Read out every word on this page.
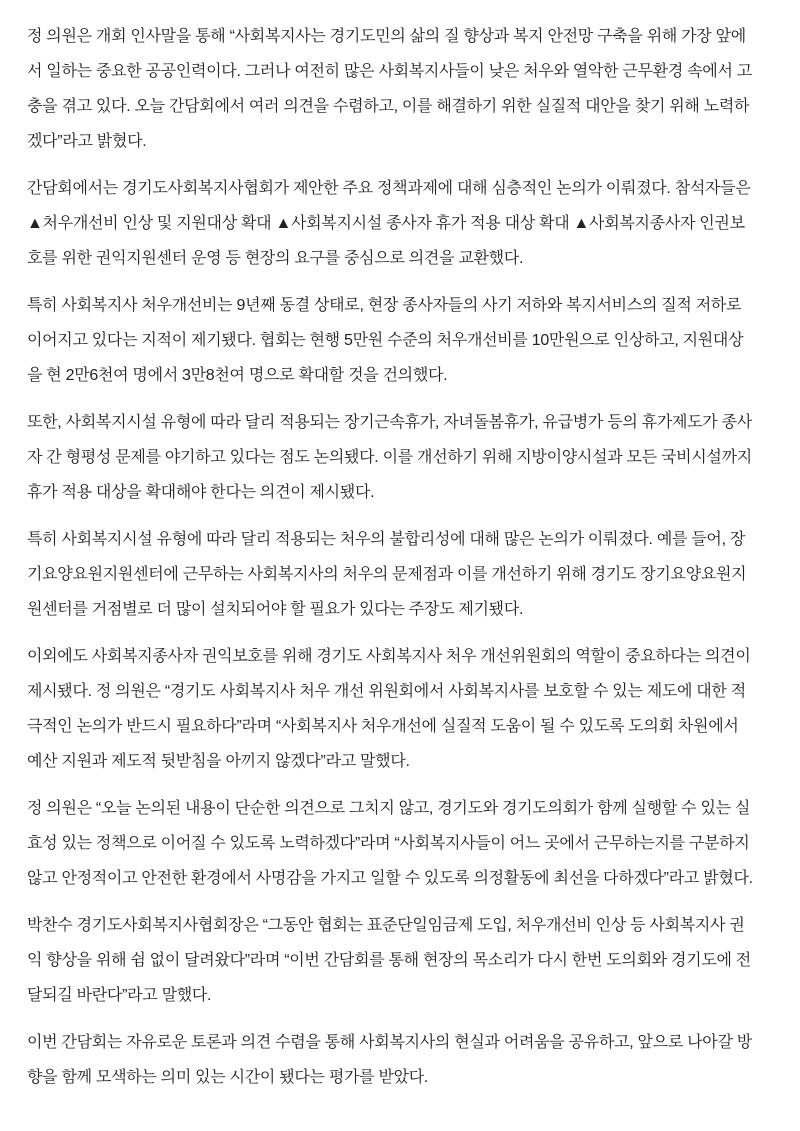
정 의원은 개회 인사말을 통해 “사회복지사는 경기도민의 삶의 질 향상과 복지 안전망 구축을 위해 가장 앞에
서 일하는 중요한 공공인력이다. 그러나 여전히 많은 사회복지사들이 낮은 처우와 열악한 근무환경 속에서 고
충을 겪고 있다. 오늘 간담회에서 여러 의견을 수렴하고, 이를 해결하기 위한 실질적 대안을 찾기 위해 노력하
겠다”라고 밝혔다.

간담회에서는 경기도사회복지사협회가 제안한 주요 정책과제에 대해 심층적인 논의가 이뤄졌다. 참석자들은
▲처우개선비 인상 및 지원대상 확대 ▲사회복지시설 종사자 휴가 적용 대상 확대 ▲사회복지종사자 인권보
호를 위한 권익지원센터 운영 등 현장의 요구를 중심으로 의견을 교환했다.

특히 사회복지사 처우개선비는 9년째 동결 상태로, 현장 종사자들의 사기 저하와 복지서비스의 질적 저하로
이어지고 있다는 지적이 제기됐다. 협회는 현행 5만원 수준의 처우개선비를 10만원으로 인상하고, 지원대상
을 현 2만6천여 명에서 3만8천여 명으로 확대할 것을 건의했다.

또한, 사회복지시설 유형에 따라 달리 적용되는 장기근속휴가, 자녀돌봄휴가, 유급병가 등의 휴가제도가 종사
자 간 형평성 문제를 야기하고 있다는 점도 논의됐다. 이를 개선하기 위해 지방이양시설과 모든 국비시설까지
휴가 적용 대상을 확대해야 한다는 의견이 제시됐다.

특히 사회복지시설 유형에 따라 달리 적용되는 처우의 불합리성에 대해 많은 논의가 이뤄졌다. 예를 들어, 장
기요양요원지원센터에 근무하는 사회복지사의 처우의 문제점과 이를 개선하기 위해 경기도 장기요양요원지
원센터를 거점별로 더 많이 설치되어야 할 필요가 있다는 주장도 제기됐다.

이외에도 사회복지종사자 권익보호를 위해 경기도 사회복지사 처우 개선위원회의 역할이 중요하다는 의견이
제시됐다. 정 의원은 “경기도 사회복지사 처우 개선 위원회에서 사회복지사를 보호할 수 있는 제도에 대한 적
극적인 논의가 반드시 필요하다”라며 “사회복지사 처우개선에 실질적 도움이 될 수 있도록 도의회 차원에서
예산 지원과 제도적 뒷받침을 아끼지 않겠다”라고 말했다.

정 의원은 “오늘 논의된 내용이 단순한 의견으로 그치지 않고, 경기도와 경기도의회가 함께 실행할 수 있는 실
효성 있는 정책으로 이어질 수 있도록 노력하겠다”라며 “사회복지사들이 어느 곳에서 근무하는지를 구분하지
않고 안정적이고 안전한 환경에서 사명감을 가지고 일할 수 있도록 의정활동에 최선을 다하겠다”라고 밝혔다.

박찬수 경기도사회복지사협회장은 “그동안 협회는 표준단일임금제 도입, 처우개선비 인상 등 사회복지사 권
익 향상을 위해 쉼 없이 달려왔다”라며 “이번 간담회를 통해 현장의 목소리가 다시 한번 도의회와 경기도에 전
달되길 바란다”라고 말했다.

이번 간담회는 자유로운 토론과 의견 수렴을 통해 사회복지사의 현실과 어려움을 공유하고, 앞으로 나아갈 방
향을 함께 모색하는 의미 있는 시간이 됐다는 평가를 받았다.
